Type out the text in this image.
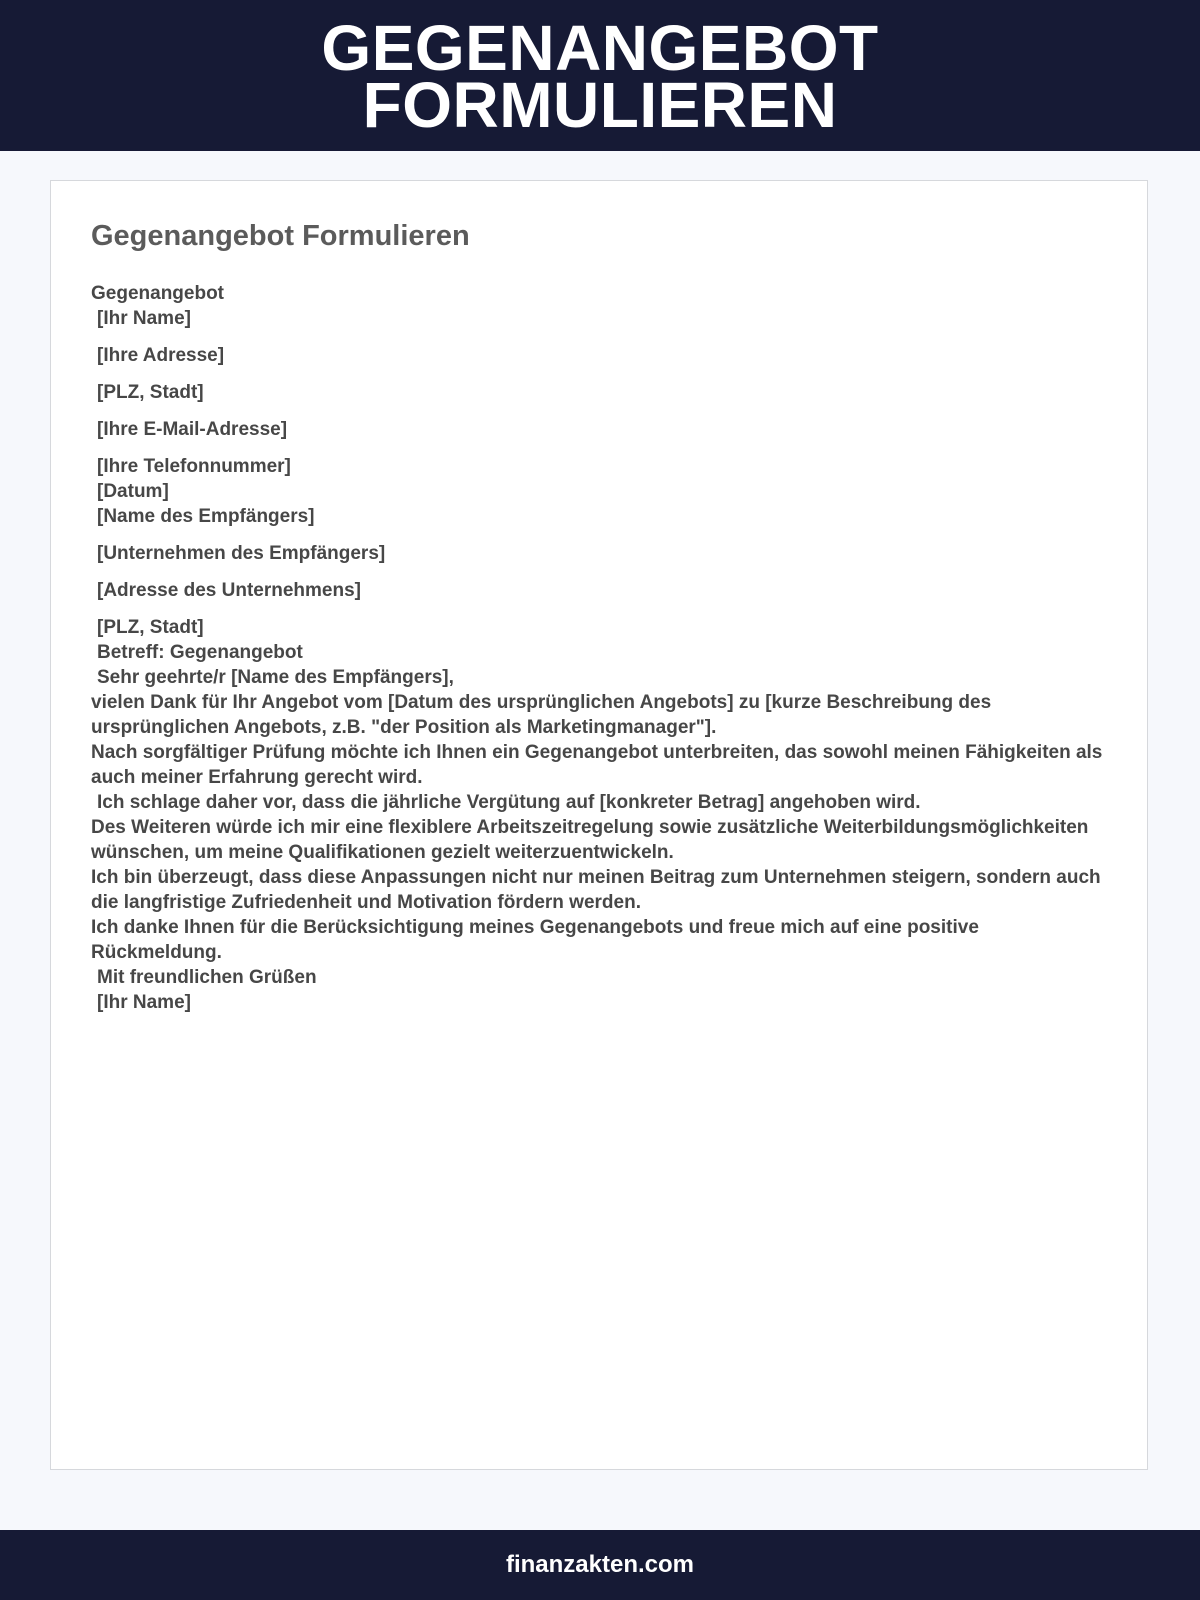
GEGENANGEBOT
FORMULIEREN
Gegenangebot Formulieren
Gegenangebot
[Ihr Name]
[Ihre Adresse]
[PLZ, Stadt]
[Ihre E-Mail-Adresse]
[Ihre Telefonnummer]
[Datum]
[Name des Empfängers]
[Unternehmen des Empfängers]
[Adresse des Unternehmens]
[PLZ, Stadt]
Betreff: Gegenangebot
Sehr geehrte/r [Name des Empfängers],
vielen Dank für Ihr Angebot vom [Datum des ursprünglichen Angebots] zu [kurze Beschreibung des ursprünglichen Angebots, z.B. "der Position als Marketingmanager"].
Nach sorgfältiger Prüfung möchte ich Ihnen ein Gegenangebot unterbreiten, das sowohl meinen Fähigkeiten als auch meiner Erfahrung gerecht wird.
Ich schlage daher vor, dass die jährliche Vergütung auf [konkreter Betrag] angehoben wird.
Des Weiteren würde ich mir eine flexiblere Arbeitszeitregelung sowie zusätzliche Weiterbildungsmöglichkeiten wünschen, um meine Qualifikationen gezielt weiterzuentwickeln.
Ich bin überzeugt, dass diese Anpassungen nicht nur meinen Beitrag zum Unternehmen steigern, sondern auch die langfristige Zufriedenheit und Motivation fördern werden.
Ich danke Ihnen für die Berücksichtigung meines Gegenangebots und freue mich auf eine positive Rückmeldung.
Mit freundlichen Grüßen
[Ihr Name]
finanzakten.com
